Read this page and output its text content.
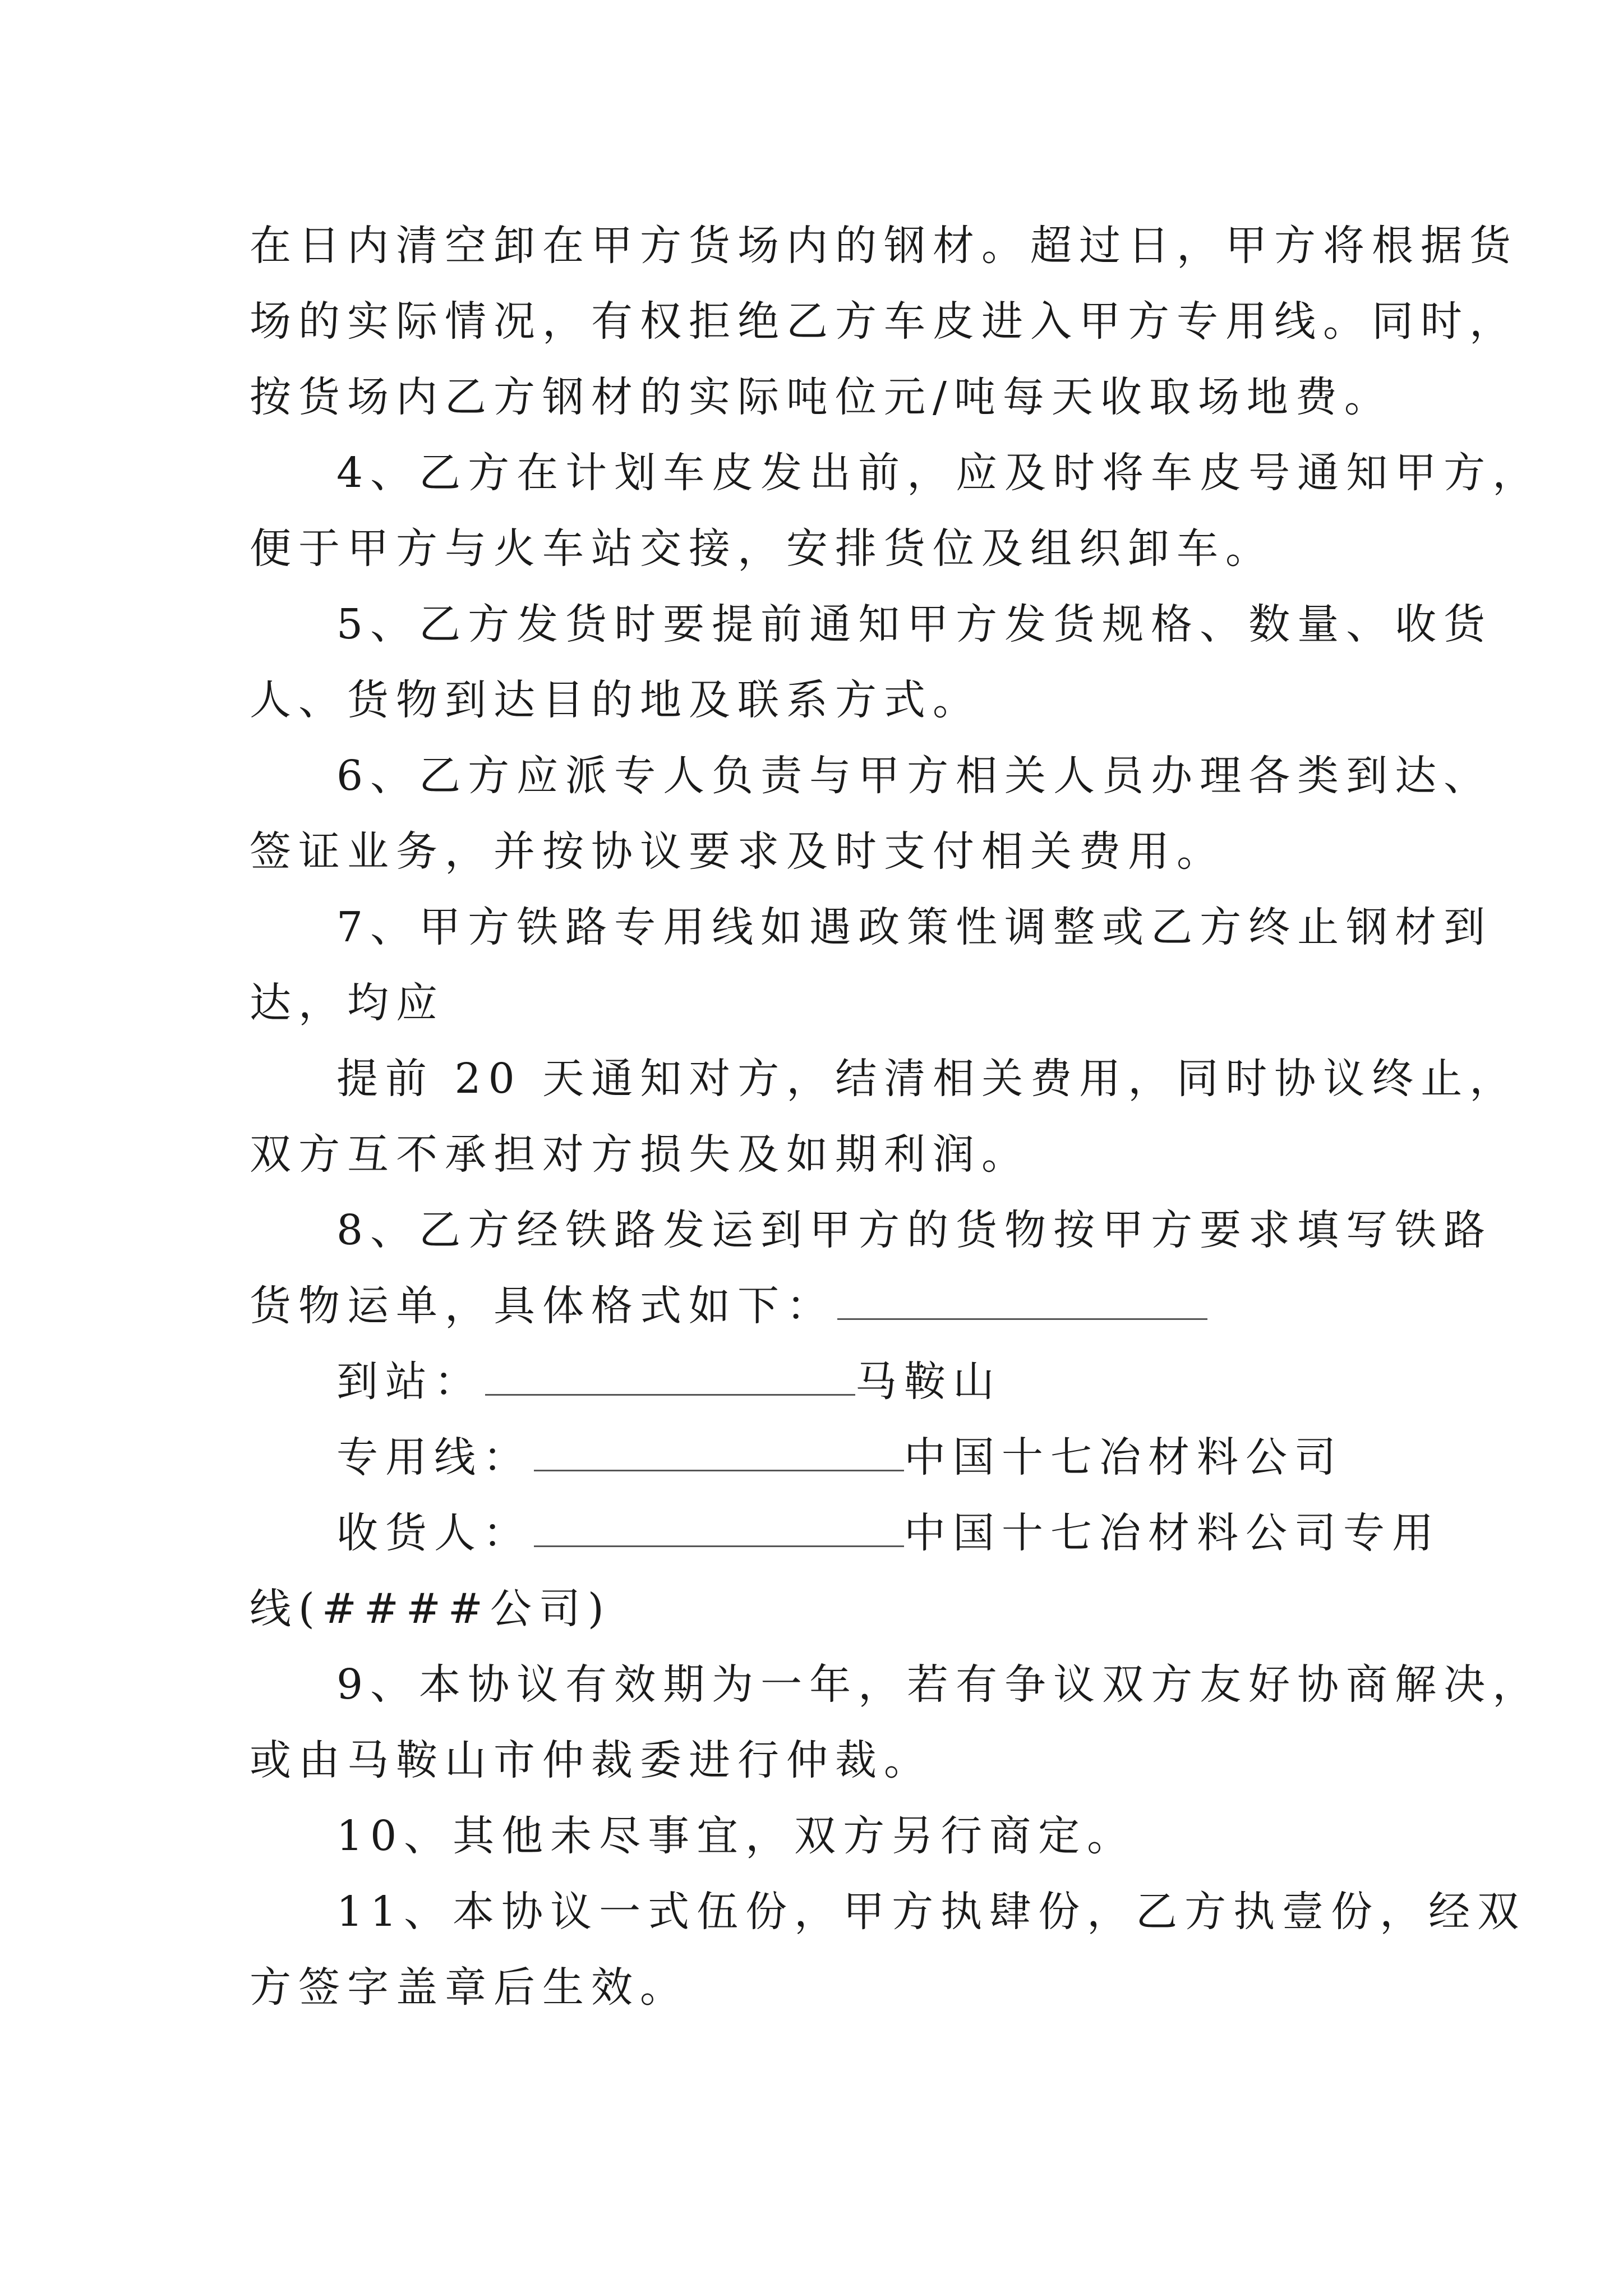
在日内清空卸在甲方货场内的钢材。超过日，甲方将根据货

场的实际情况，有权拒绝乙方车皮进入甲方专用线。同时，

按货场内乙方钢材的实际吨位元/吨每天收取场地费。

4、乙方在计划车皮发出前，应及时将车皮号通知甲方，

便于甲方与火车站交接，安排货位及组织卸车。

5、乙方发货时要提前通知甲方发货规格、数量、收货

人、货物到达目的地及联系方式。

6、乙方应派专人负责与甲方相关人员办理各类到达、

签证业务，并按协议要求及时支付相关费用。

7、甲方铁路专用线如遇政策性调整或乙方终止钢材到

达，均应

提前 20 天通知对方，结清相关费用，同时协议终止，

双方互不承担对方损失及如期利润。

8、乙方经铁路发运到甲方的货物按甲方要求填写铁路

货物运单，具体格式如下：

到站：	马鞍山

专用线：	中国十七冶材料公司

收货人：	中国十七冶材料公司专用

线(####公司)

9、本协议有效期为一年，若有争议双方友好协商解决，

或由马鞍山市仲裁委进行仲裁。

10、其他未尽事宜，双方另行商定。

11、本协议一式伍份，甲方执肆份，乙方执壹份，经双

方签字盖章后生效。
